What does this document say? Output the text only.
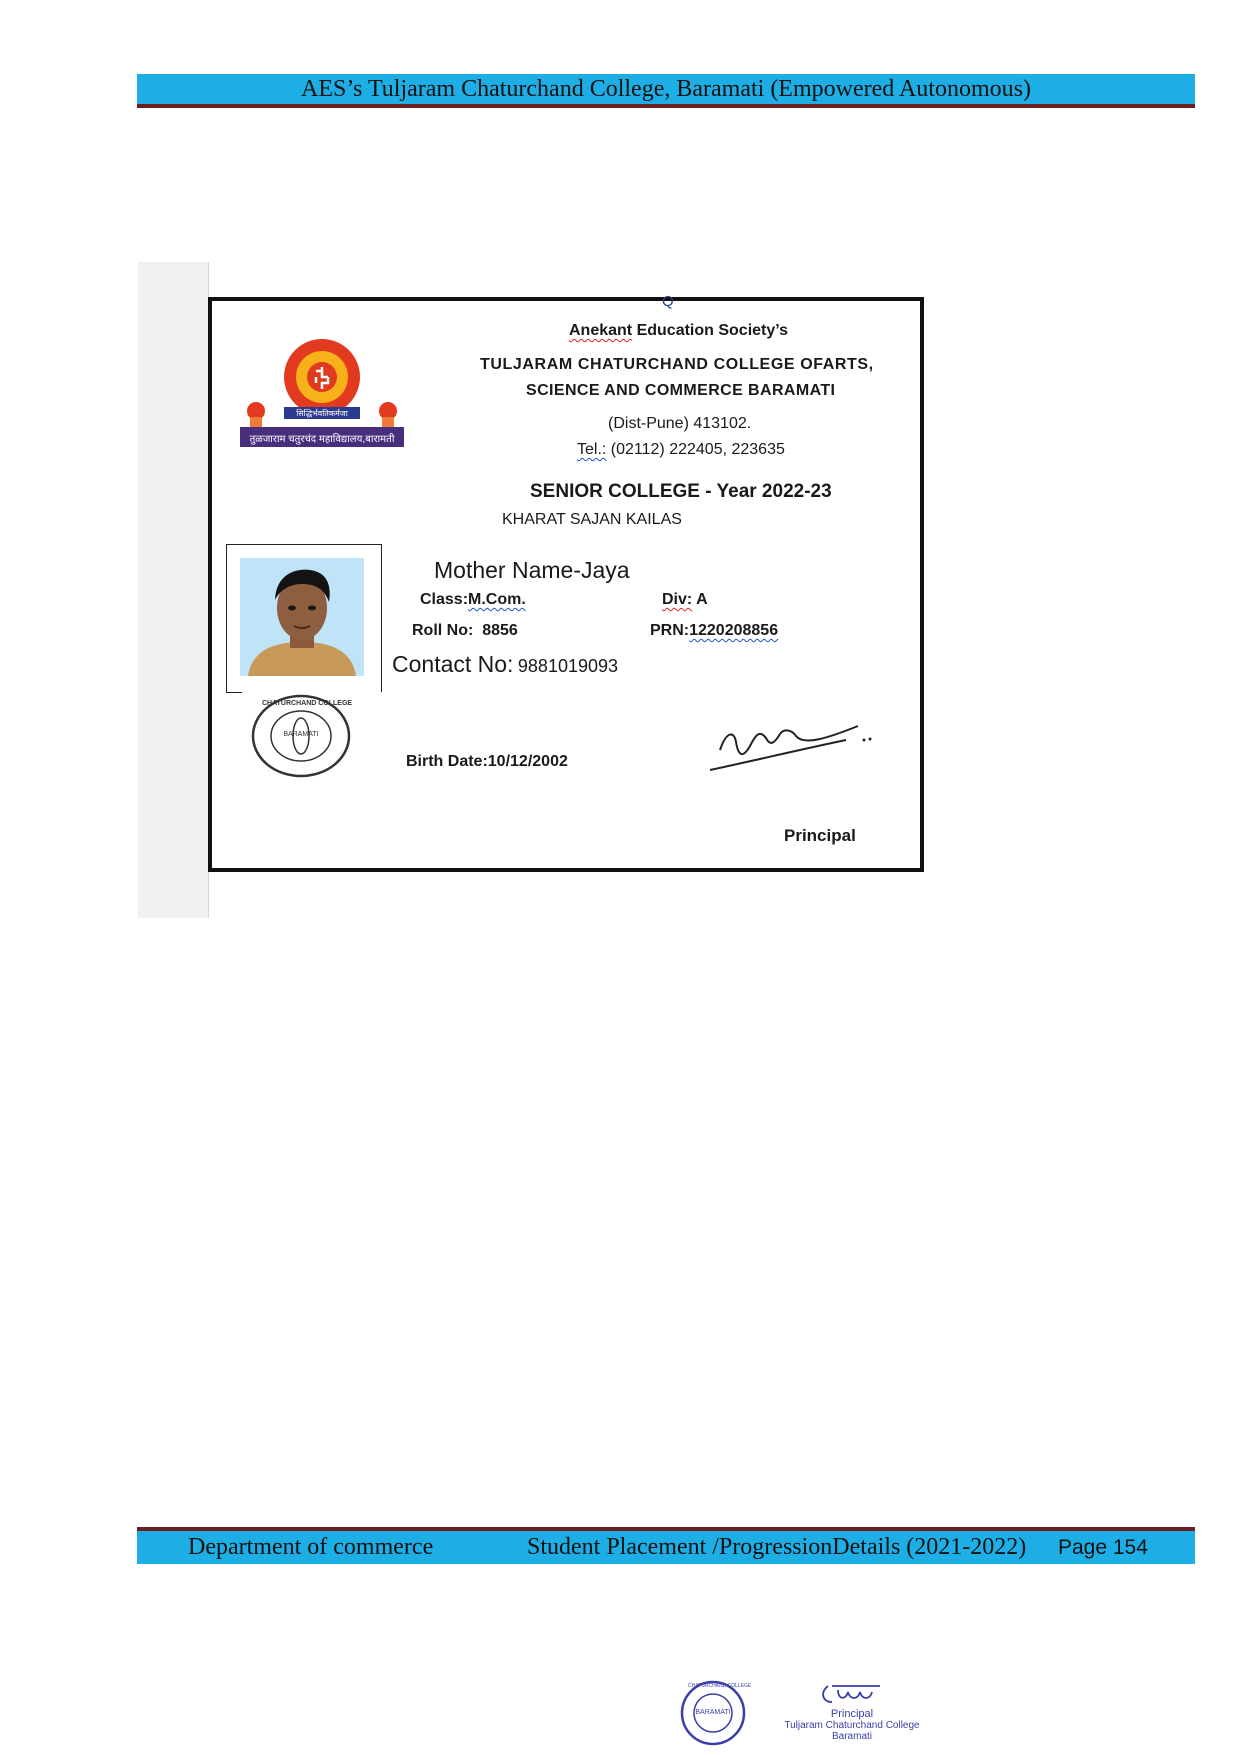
AES’s Tuljaram Chaturchand College, Baramati (Empowered Autonomous)
Q
सिद्धिर्भवतिकर्मजा
तुळजाराम चतुरचंद महाविद्यालय,बारामती
Anekant Education Society’s
TULJARAM CHATURCHAND COLLEGE OFARTS,
SCIENCE AND COMMERCE BARAMATI
(Dist-Pune) 413102.
Tel.: (02112) 222405, 223635
SENIOR COLLEGE - Year 2022-23
KHARAT SAJAN KAILAS
Mother Name-Jaya
Class:M.Com.	Div: A
Roll No: 8856	PRN:1220208856
Contact No: 9881019093
CHATURCHAND COLLEGE
BARAMATI
Birth Date:10/12/2002
Principal
Department of commerce	Student Placement /ProgressionDetails (2021-2022) Page 154
CHATURCHAND COLLEGE
BARAMATI	Principal
Tuljaram Chaturchand College
Baramati
